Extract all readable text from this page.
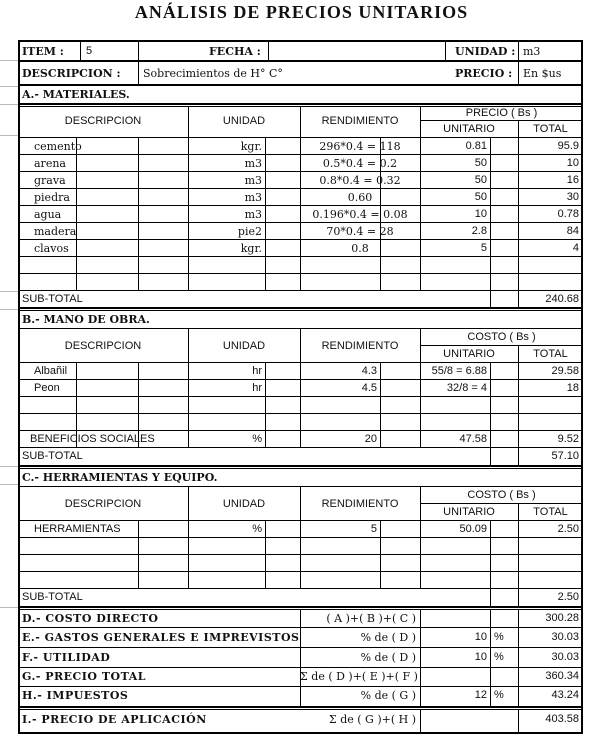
ANÁLISIS DE PRECIOS UNITARIOS
ITEM : 5	FECHA :	UNIDAD : m3
DESCRIPCION : Sobrecimientos de H° C°	PRECIO : En $us
A.- MATERIALES.
DESCRIPCION	UNIDAD	RENDIMIENTO
PRECIO ( Bs )
UNITARIO	TOTAL
cemento	kgr.	296*0.4 = 118	0.81	95.9
arena	m3	0.5*0.4 = 0.2	50	10
grava	m3	0.8*0.4 = 0.32	50	16
piedra	m3	0.60	50	30
agua	m3	0.196*0.4 = 0.08	10	0.78
madera	pie2	70*0.4 = 28	2.8	84
clavos	kgr.	0.8	5	4
SUB-TOTAL	240.68
B.- MANO DE OBRA.
DESCRIPCION	UNIDAD	RENDIMIENTO
COSTO ( Bs )
UNITARIO	TOTAL
Albañil	hr	4.3	55/8 = 6.88	29.58
Peon	hr	4.5	32/8 = 4	18
BENEFICIOS SOCIALES	%	20	47.58	9.52
SUB-TOTAL	57.10
C.- HERRAMIENTAS Y EQUIPO.
DESCRIPCION	UNIDAD	RENDIMIENTO
COSTO ( Bs )
UNITARIO	TOTAL
HERRAMIENTAS	%	5	50.09	2.50
SUB-TOTAL	2.50
D.- COSTO DIRECTO	( A )+( B )+( C )	300.28
E.- GASTOS GENERALES E IMPREVISTOS	% de ( D )	10 %	30.03
F.- UTILIDAD	% de ( D )	10 %	30.03
G.- PRECIO TOTAL	Σ de ( D )+( E )+( F )	360.34
H.- IMPUESTOS	% de ( G )	12 %	43.24
I.- PRECIO DE APLICACIÓN	Σ de ( G )+( H )	403.58
